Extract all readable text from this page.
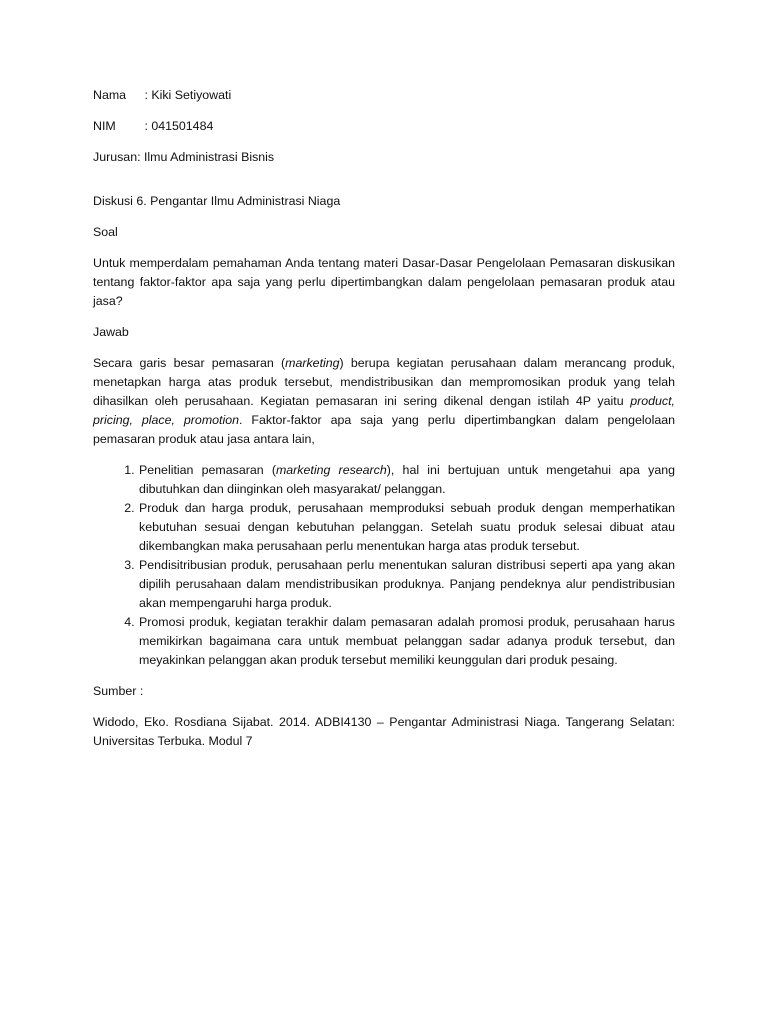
Nama : Kiki Setiyowati
NIM : 041501484
Jurusan: Ilmu Administrasi Bisnis

Diskusi 6. Pengantar Ilmu Administrasi Niaga

Soal

Untuk memperdalam pemahaman Anda tentang materi Dasar-Dasar Pengelolaan Pemasaran diskusikan tentang faktor-faktor apa saja yang perlu dipertimbangkan dalam pengelolaan pemasaran produk atau jasa?

Jawab

Secara garis besar pemasaran (marketing) berupa kegiatan perusahaan dalam merancang produk, menetapkan harga atas produk tersebut, mendistribusikan dan mempromosikan produk yang telah dihasilkan oleh perusahaan. Kegiatan pemasaran ini sering dikenal dengan istilah 4P yaitu product, pricing, place, promotion. Faktor-faktor apa saja yang perlu dipertimbangkan dalam pengelolaan pemasaran produk atau jasa antara lain,

1. Penelitian pemasaran (marketing research), hal ini bertujuan untuk mengetahui apa yang dibutuhkan dan diinginkan oleh masyarakat/ pelanggan.
2. Produk dan harga produk, perusahaan memproduksi sebuah produk dengan memperhatikan kebutuhan sesuai dengan kebutuhan pelanggan. Setelah suatu produk selesai dibuat atau dikembangkan maka perusahaan perlu menentukan harga atas produk tersebut.
3. Pendisitribusian produk, perusahaan perlu menentukan saluran distribusi seperti apa yang akan dipilih perusahaan dalam mendistribusikan produknya. Panjang pendeknya alur pendistribusian akan mempengaruhi harga produk.
4. Promosi produk, kegiatan terakhir dalam pemasaran adalah promosi produk, perusahaan harus memikirkan bagaimana cara untuk membuat pelanggan sadar adanya produk tersebut, dan meyakinkan pelanggan akan produk tersebut memiliki keunggulan dari produk pesaing.

Sumber :

Widodo, Eko. Rosdiana Sijabat. 2014. ADBI4130 – Pengantar Administrasi Niaga. Tangerang Selatan: Universitas Terbuka. Modul 7
